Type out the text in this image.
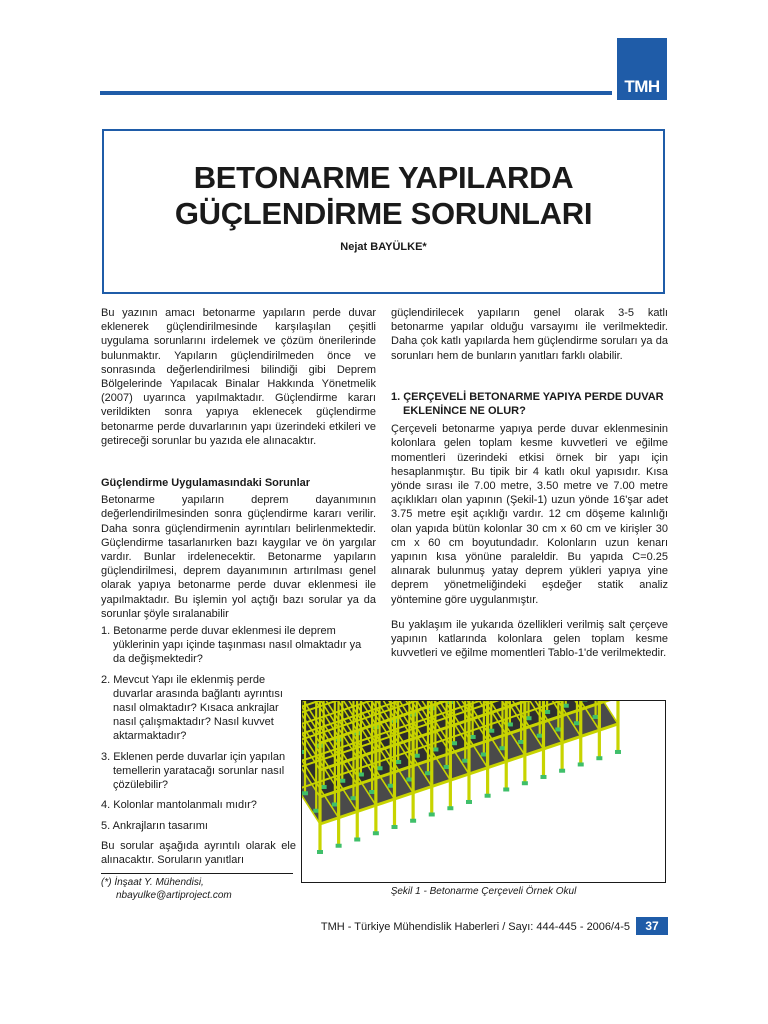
TMH
BETONARME YAPILARDA
GÜÇLENDİRME SORUNLARI
Nejat BAYÜLKE*

Bu yazının amacı betonarme yapıların perde duvar eklenerek güçlendirilmesinde karşılaşılan çeşitli uygulama sorunlarını irdelemek ve çözüm önerilerinde bulunmaktır. Yapıların güçlendirilmeden önce ve sonrasında değerlendirilmesi bilindiği gibi Deprem Bölgelerinde Yapılacak Binalar Hakkında Yönetmelik (2007) uyarınca yapılmaktadır. Güçlendirme kararı verildikten sonra yapıya eklenecek güçlendirme betonarme perde duvarlarının yapı üzerindeki etkileri ve getireceği sorunlar bu yazıda ele alınacaktır.

Güçlendirme Uygulamasındaki Sorunlar

Betonarme yapıların deprem dayanımının değerlendirilmesinden sonra güçlendirme kararı verilir. Daha sonra güçlendirmenin ayrıntıları belirlenmektedir. Güçlendirme tasarlanırken bazı kaygılar ve ön yargılar vardır. Bunlar irdelenecektir. Betonarme yapıların güçlendirilmesi, deprem dayanımının artırılması genel olarak yapıya betonarme perde duvar eklenmesi ile yapılmaktadır. Bu işlemin yol açtığı bazı sorular ya da sorunlar şöyle sıralanabilir

1. Betonarme perde duvar eklenmesi ile deprem yüklerinin yapı içinde taşınması nasıl olmaktadır ya da değişmektedir?
2. Mevcut Yapı ile eklenmiş perde duvarlar arasında bağlantı ayrıntısı nasıl olmaktadır? Kısaca ankrajlar nasıl çalışmaktadır? Nasıl kuvvet aktarmaktadır?
3. Eklenen perde duvarlar için yapılan temellerin yaratacağı sorunlar nasıl çözülebilir?
4. Kolonlar mantolanmalı mıdır?
5. Ankrajların tasarımı

Bu sorular aşağıda ayrıntılı olarak ele alınacaktır. Soruların yanıtları

güçlendirilecek yapıların genel olarak 3-5 katlı betonarme yapılar olduğu varsayımı ile verilmektedir. Daha çok katlı yapılarda hem güçlendirme soruları ya da sorunları hem de bunların yanıtları farklı olabilir.

1. ÇERÇEVELİ BETONARME YAPIYA PERDE DUVAR EKLENİNCE NE OLUR?

Çerçeveli betonarme yapıya perde duvar eklenmesinin kolonlara gelen toplam kesme kuvvetleri ve eğilme momentleri üzerindeki etkisi örnek bir yapı için hesaplanmıştır. Bu tipik bir 4 katlı okul yapısıdır. Kısa yönde sırası ile 7.00 metre, 3.50 metre ve 7.00 metre açıklıkları olan yapının (Şekil-1) uzun yönde 16'şar adet 3.75 metre eşit açıklığı vardır. 12 cm döşeme kalınlığı olan yapıda bütün kolonlar 30 cm x 60 cm ve kirişler 30 cm x 60 cm boyutundadır. Kolonların uzun kenarı yapının kısa yönüne paraleldir. Bu yapıda C=0.25 alınarak bulunmuş yatay deprem yükleri yapıya yine deprem yönetmeliğindeki eşdeğer statik analiz yöntemine göre uygulanmıştır.

Bu yaklaşım ile yukarıda özellikleri verilmiş salt çerçeve yapının katlarında kolonlara gelen toplam kesme kuvvetleri ve eğilme momentleri Tablo-1'de verilmektedir.

Şekil 1 - Betonarme Çerçeveli Örnek Okul
(*) İnşaat Y. Mühendisi,
nbayulke@artiproject.com
TMH - Türkiye Mühendislik Haberleri / Sayı: 444-445 - 2006/4-5	37
